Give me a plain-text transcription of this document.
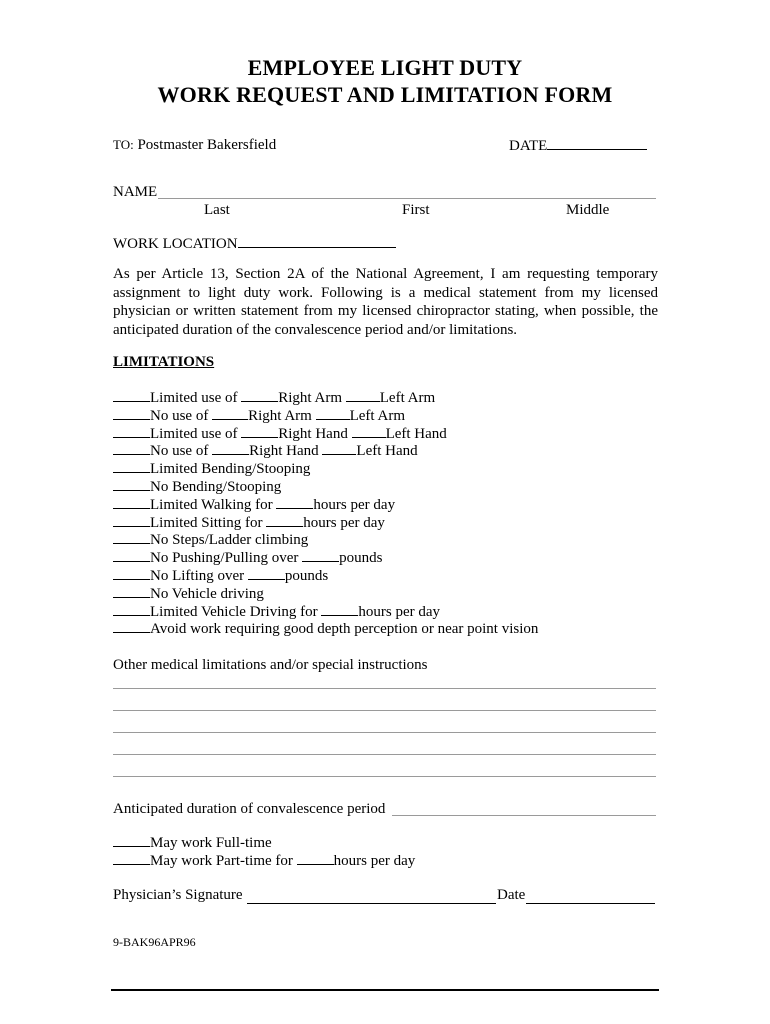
EMPLOYEE LIGHT DUTY
WORK REQUEST AND LIMITATION FORM
TO: Postmaster Bakersfield	DATE
NAME
Last	First	Middle
WORK LOCATION
As per Article 13, Section 2A of the National Agreement, I am requesting temporary assignment to light duty work. Following is a medical statement from my licensed physician or written statement from my licensed chiropractor stating, when possible, the anticipated duration of the convalescence period and/or limitations.
LIMITATIONS
Limited use of Right Arm Left Arm
No use of Right Arm Left Arm
Limited use of Right Hand Left Hand
No use of Right Hand Left Hand
Limited Bending/Stooping
No Bending/Stooping
Limited Walking for hours per day
Limited Sitting for hours per day
No Steps/Ladder climbing
No Pushing/Pulling over pounds
No Lifting over pounds
No Vehicle driving
Limited Vehicle Driving for hours per day
Avoid work requiring good depth perception or near point vision
Other medical limitations and/or special instructions
Anticipated duration of convalescence period
May work Full-time
May work Part-time for hours per day
Physician’s Signature	Date
9-BAK96APR96
